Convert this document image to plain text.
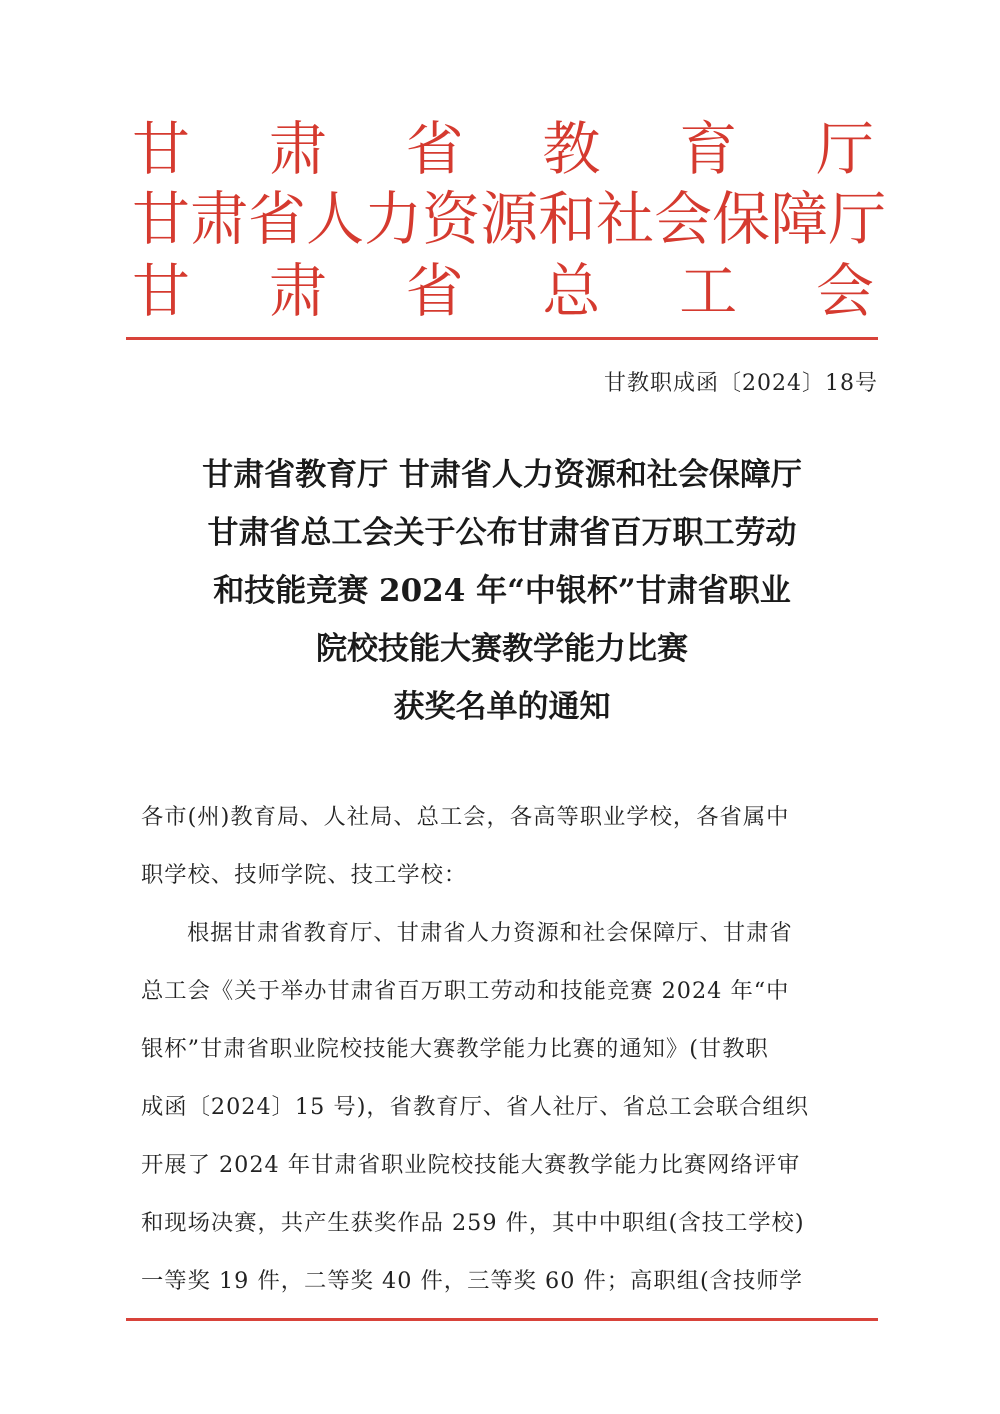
甘 肃 省 教 育 厅
甘 肃 省 人 力 资 源 和 社 会 保 障 厅
甘 肃 省 总 工 会
甘教职成函〔2024〕18号
甘肃省教育厅 甘肃省人力资源和社会保障厅
甘肃省总工会关于公布甘肃省百万职工劳动
和技能竞赛 2024 年“中银杯”甘肃省职业
院校技能大赛教学能力比赛
获奖名单的通知
各市(州)教育局、人社局、总工会，各高等职业学校，各省属中
职学校、技师学院、技工学校：
根据甘肃省教育厅、甘肃省人力资源和社会保障厅、甘肃省
总工会《关于举办甘肃省百万职工劳动和技能竞赛 2024 年“中
银杯”甘肃省职业院校技能大赛教学能力比赛的通知》(甘教职
成函〔2024〕15 号)，省教育厅、省人社厅、省总工会联合组织
开展了 2024 年甘肃省职业院校技能大赛教学能力比赛网络评审
和现场决赛，共产生获奖作品 259 件，其中中职组(含技工学校)
一等奖 19 件，二等奖 40 件，三等奖 60 件；高职组(含技师学
